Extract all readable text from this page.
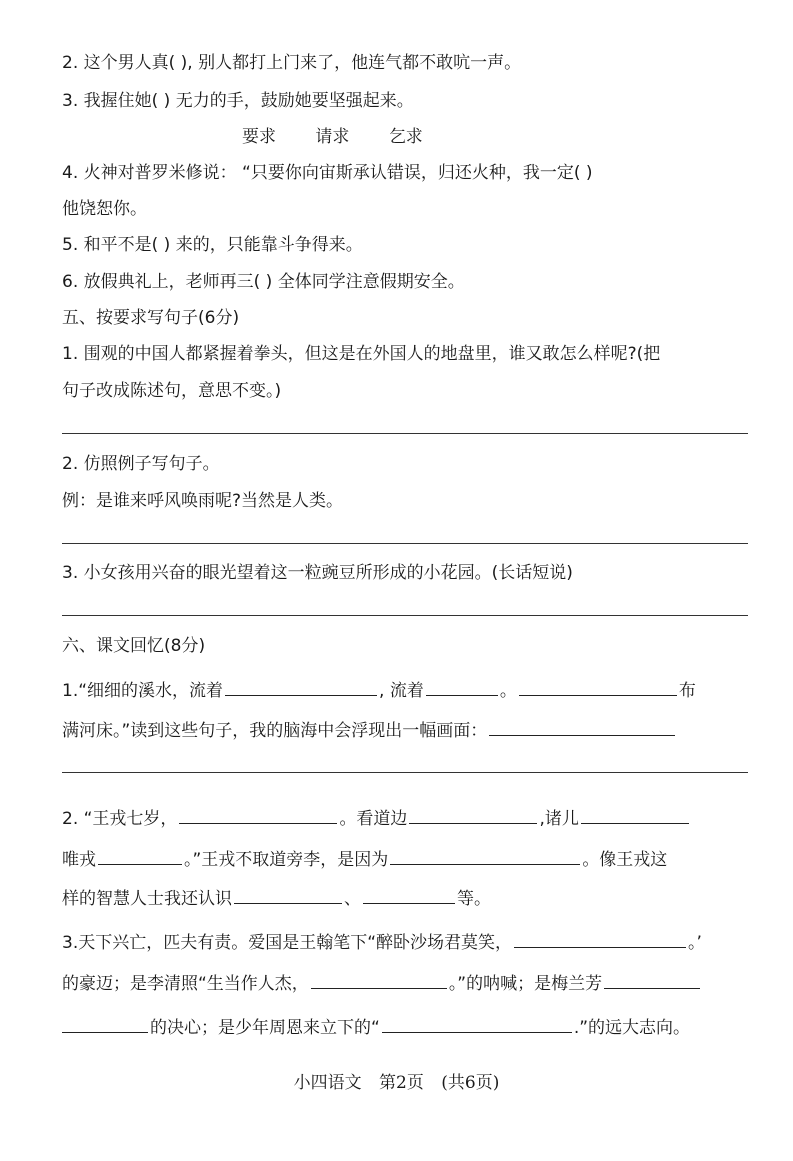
2. 这个男人真( ), 别人都打上门来了，他连气都不敢吭一声。
3. 我握住她( ) 无力的手，鼓励她要坚强起来。
要求 请求 乞求
4. 火神对普罗米修说： “只要你向宙斯承认错误，归还火种，我一定( )
他饶恕你。
5. 和平不是( ) 来的，只能靠斗争得来。
6. 放假典礼上，老师再三( ) 全体同学注意假期安全。
五、按要求写句子(6分)
1. 围观的中国人都紧握着拳头，但这是在外国人的地盘里，谁又敢怎么样呢?(把
句子改成陈述句，意思不变。)
2. 仿照例子写句子。
例：是谁来呼风唤雨呢?当然是人类。
3. 小女孩用兴奋的眼光望着这一粒豌豆所形成的小花园。(长话短说)
六、课文回忆(8分)
1.“细细的溪水，流着	, 流着	。	布
满河床。”读到这些句子，我的脑海中会浮现出一幅画面：
2. “王戎七岁，	。看道边	,诸儿
唯戎	。”王戎不取道旁李，是因为	。像王戎这
样的智慧人士我还认识	、	等。
3.天下兴亡，匹夫有责。爱国是王翰笔下“醉卧沙场君莫笑，	。’
的豪迈；是李清照“生当作人杰，	。”的呐喊；是梅兰芳
的决心；是少年周恩来立下的“	.”的远大志向。
小四语文 第2页 (共6页)
